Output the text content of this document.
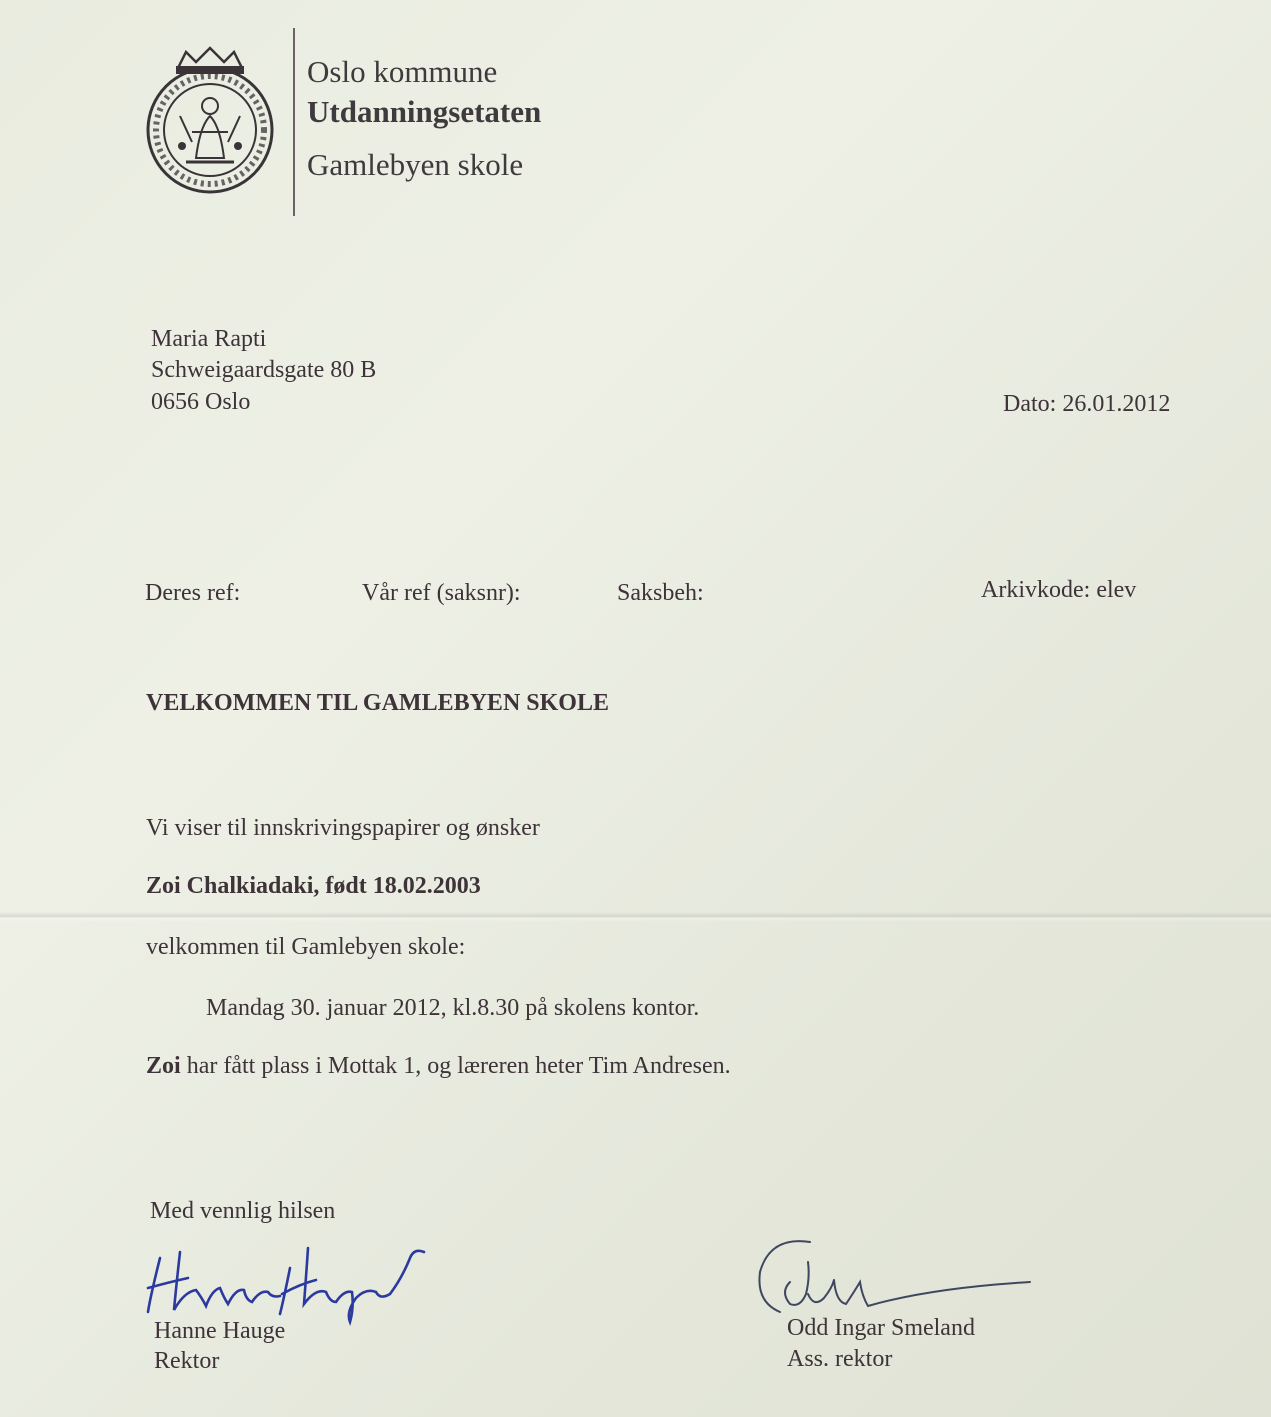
Oslo kommune
Utdanningsetaten
Gamlebyen skole
Maria Rapti
Schweigaardsgate 80 B
0656 Oslo	Dato: 26.01.2012
Deres ref:	Vår ref (saksnr):	Saksbeh:	Arkivkode: elev
VELKOMMEN TIL GAMLEBYEN SKOLE
Vi viser til innskrivingspapirer og ønsker
Zoi Chalkiadaki, født 18.02.2003
velkommen til Gamlebyen skole:
Mandag 30. januar 2012, kl.8.30 på skolens kontor.
Zoi har fått plass i Mottak 1, og læreren heter Tim Andresen.
Med vennlig hilsen
Hanne Hauge
Rektor
Odd Ingar Smeland
Ass. rektor
